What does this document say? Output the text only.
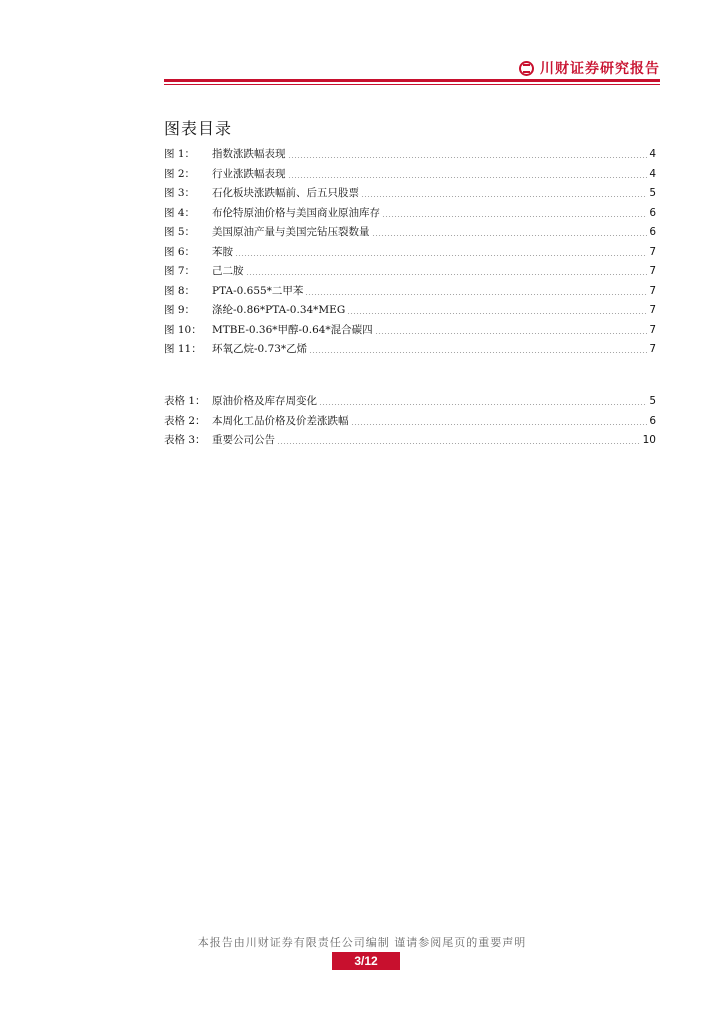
川财证券研究报告
图表目录
图 1：	指数涨跌幅表现	4
图 2：	行业涨跌幅表现	4
图 3：	石化板块涨跌幅前、后五只股票	5
图 4：	布伦特原油价格与美国商业原油库存	6
图 5：	美国原油产量与美国完钻压裂数量	6
图 6：	苯胺	7
图 7：	己二胺	7
图 8：	PTA-0.655*二甲苯	7
图 9：	涤纶-0.86*PTA-0.34*MEG	7
图 10： MTBE-0.36*甲醇-0.64*混合碳四	7
图 11： 环氧乙烷-0.73*乙烯	7
表格 1： 原油价格及库存周变化	5
表格 2： 本周化工品价格及价差涨跌幅	6
表格 3： 重要公司公告	10
本报告由川财证券有限责任公司编制 谨请参阅尾页的重要声明
3/12
